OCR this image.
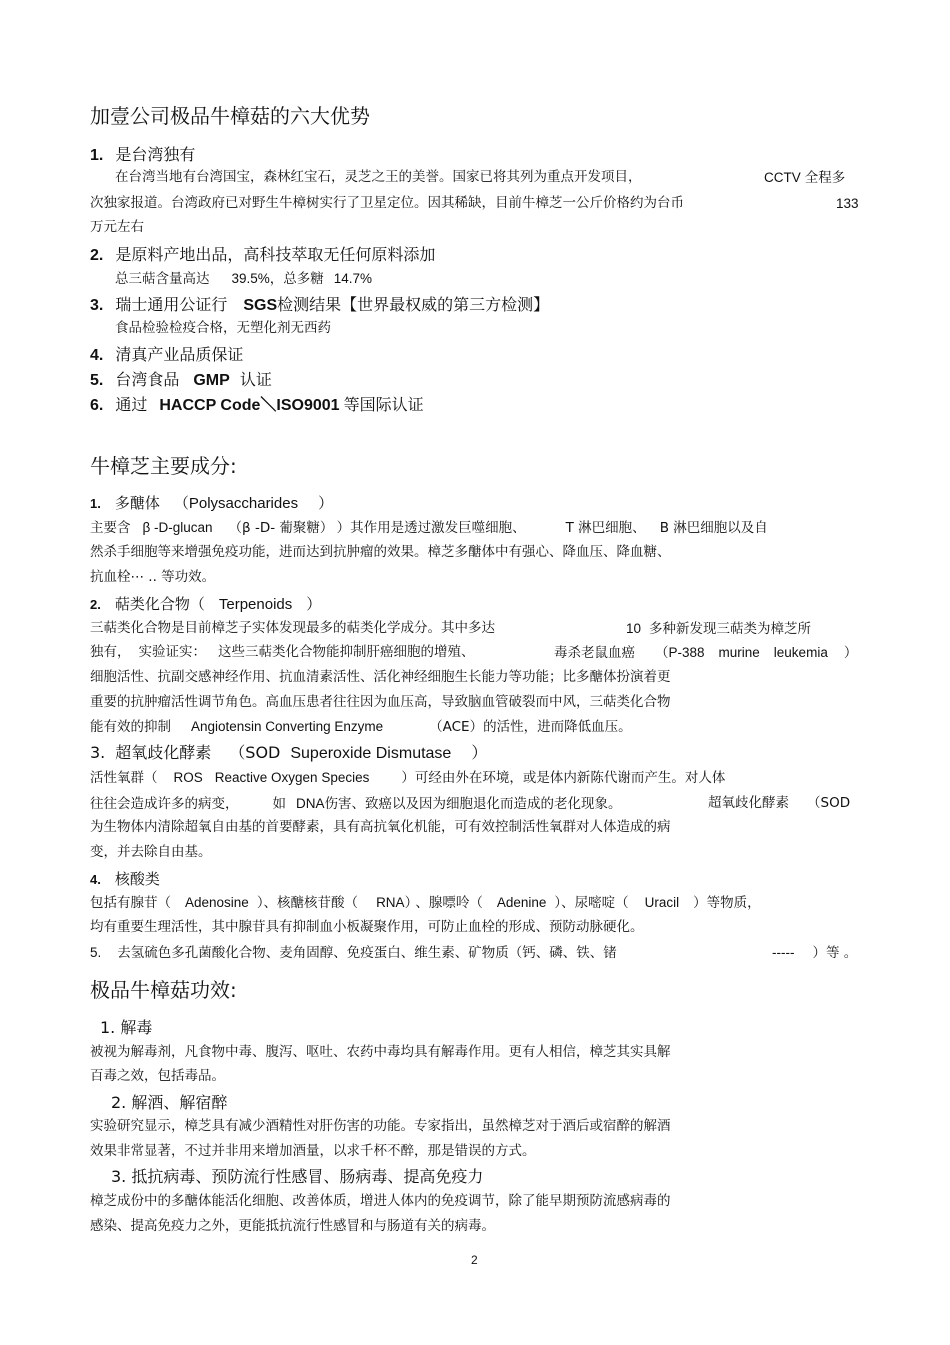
加壹公司极品牛樟菇的六大优势
1. 是台湾独有
在台湾当地有台湾国宝，森林红宝石，灵芝之王的美誉。国家已将其列为重点开发项目，	CCTV 全程多
次独家报道。台湾政府已对野生牛樟树实行了卫星定位。因其稀缺，目前牛樟芝一公斤价格约为台币	133
万元左右
2. 是原料产地出品，高科技萃取无任何原料添加
总三萜含量高达 39.5%，总多糖 14.7%
3. 瑞士通用公证行 SGS检测结果【世界最权威的第三方检测】
食品检验检疫合格，无塑化剂无西药
4. 清真产业品质保证
5. 台湾食品 GMP 认证
6. 通过 HACCP Code＼ISO9001 等国际认证
牛樟芝主要成分:
1. 多醣体 （Polysaccharides ）
主要含 β -D-glucan （β -D- 葡聚糖） ）其作用是透过激发巨噬细胞、	T 淋巴细胞、 B 淋巴细胞以及自
然杀手细胞等来增强免疫功能，进而达到抗肿瘤的效果。樟芝多醣体中有强心、降血压、降血糖、
抗血栓⋯ .. 等功效。
2. 萜类化合物（ Terpenoids ）
三萜类化合物是目前樟芝子实体发现最多的萜类化学成分。其中多达	10 多种新发现三萜类为樟芝所
独有， 实验证实： 这些三萜类化合物能抑制肝癌细胞的增殖、	毒杀老鼠血癌 （P-388 murine leukemia ）
细胞活性、抗副交感神经作用、抗血清素活性、活化神经细胞生长能力等功能；比多醣体扮演着更
重要的抗肿瘤活性调节角色。高血压患者往往因为血压高，导致脑血管破裂而中风，三萜类化合物
能有效的抑制 Angiotensin Converting Enzyme	（ACE）的活性，进而降低血压。
3. 超氧歧化酵素 （SOD Superoxide Dismutase ）
活性氧群（ ROS Reactive Oxygen Species ）可经由外在环境，或是体内新陈代谢而产生。对人体
往往会造成许多的病变，	如 DNA伤害、致癌以及因为细胞退化而造成的老化现象。	超氧歧化酵素 （SOD
为生物体内清除超氧自由基的首要酵素，具有高抗氧化机能，可有效控制活性氧群对人体造成的病
变，并去除自由基。
4. 核酸类
包括有腺苷（ Adenosine ）、核醣核苷酸（ RNA） 、腺嘌呤（ Adenine ）、尿嘧啶（ Uracil ）等物质，
均有重要生理活性，其中腺苷具有抑制血小板凝聚作用，可防止血栓的形成、预防动脉硬化。
5. 去氢硫色多孔菌酸化合物、麦角固醇、免疫蛋白、维生素、矿物质（钙、磷、铁、锗	----- ）等 。
极品牛樟菇功效:
1. 解毒
被视为解毒剂，凡食物中毒、腹泻、呕吐、农药中毒均具有解毒作用。更有人相信，樟芝其实具解
百毒之效，包括毒品。
2. 解酒、解宿醉
实验研究显示，樟芝具有减少酒精性对肝伤害的功能。专家指出，虽然樟芝对于酒后或宿醉的解酒
效果非常显著，不过并非用来增加酒量，以求千杯不醉，那是错误的方式。
3. 抵抗病毒、预防流行性感冒、肠病毒、提高免疫力
樟芝成份中的多醣体能活化细胞、改善体质，增进人体内的免疫调节，除了能早期预防流感病毒的
感染、提高免疫力之外，更能抵抗流行性感冒和与肠道有关的病毒。
2
